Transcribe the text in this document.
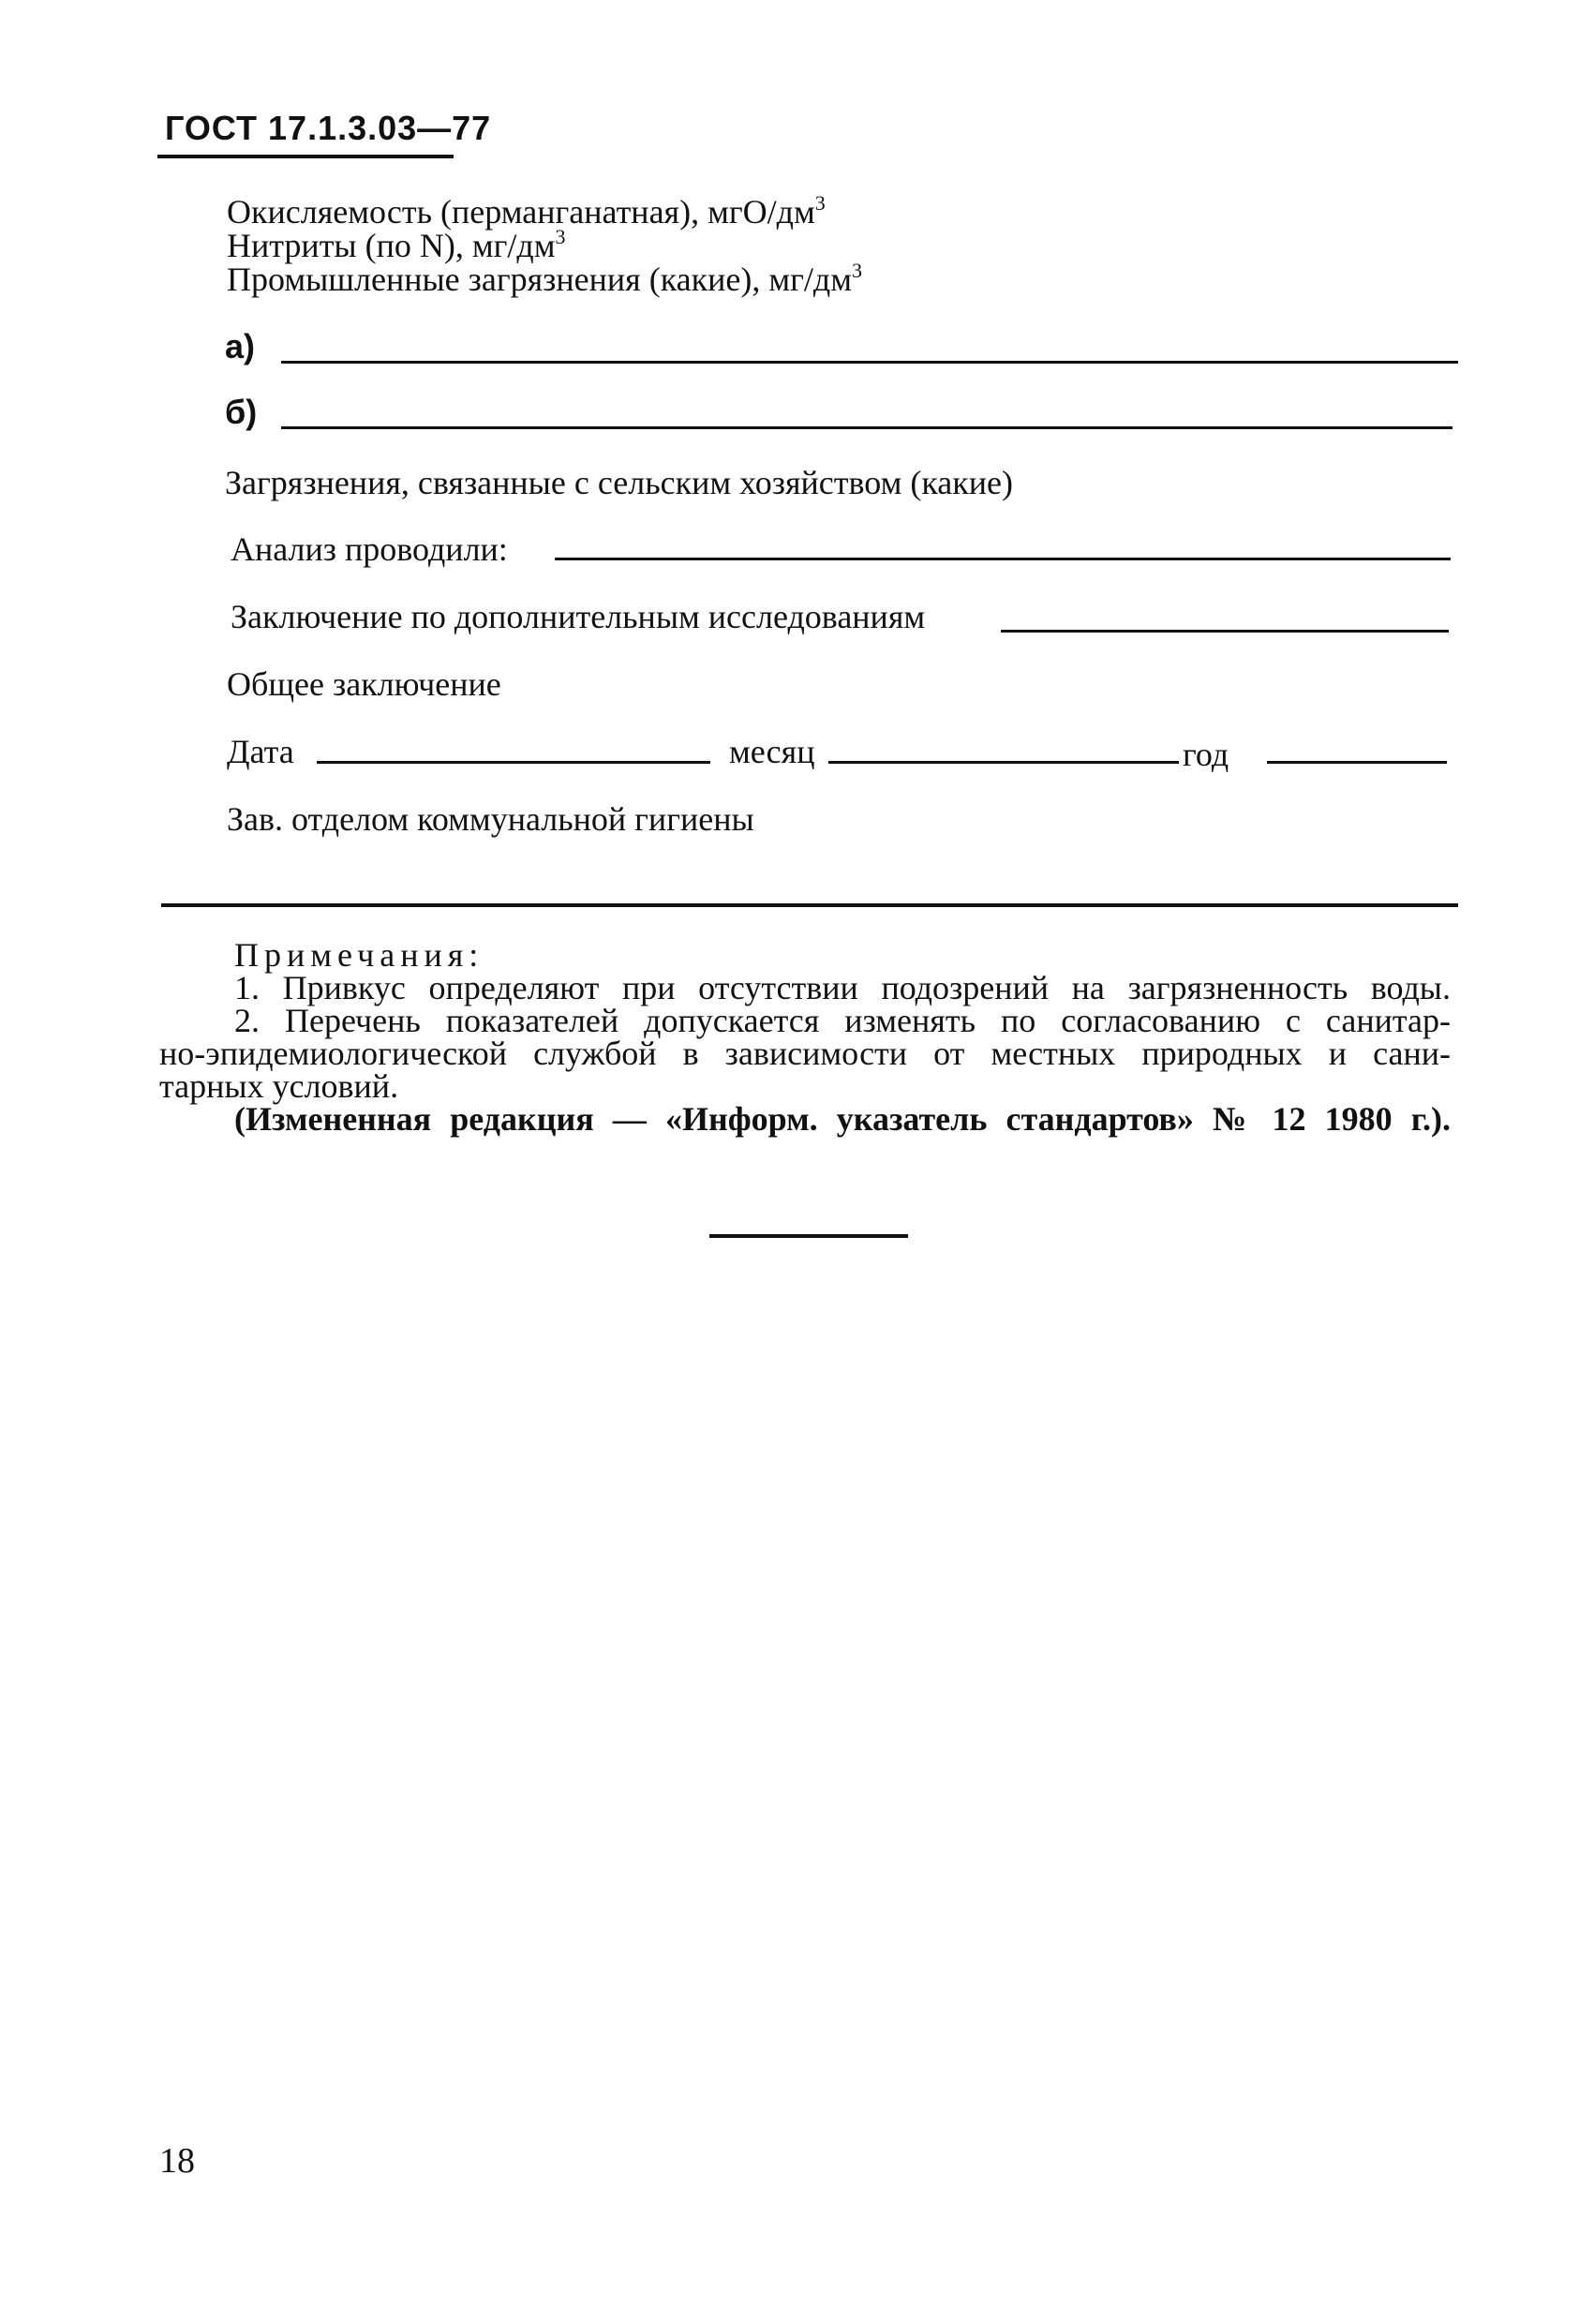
ГОСТ 17.1.3.03—77
Окисляемость (перманганатная), мгО/$дм^3$
Нитриты (по N), $мг/дм^3$
Промышленные загрязнения (какие), $мг/дм^3$
а)
б)
Загрязнения, связанные с сельским хозяйством (какие)
Анализ проводили:
Заключение по дополнительным исследованиям
Общее заключение
Дата	месяц	год
Зав. отделом коммунальной гигиены
Примечания:
1. Привкус определяют при отсутствии подозрений на загрязненность воды.
2. Перечень показателей допускается изменять по согласованию с санитар-
но-эпидемиологической службой в зависимости от местных природных и сани-
тарных условий.
(Измененная редакция — «Информ. указатель стандартов» № 12 1980 г.).
18
